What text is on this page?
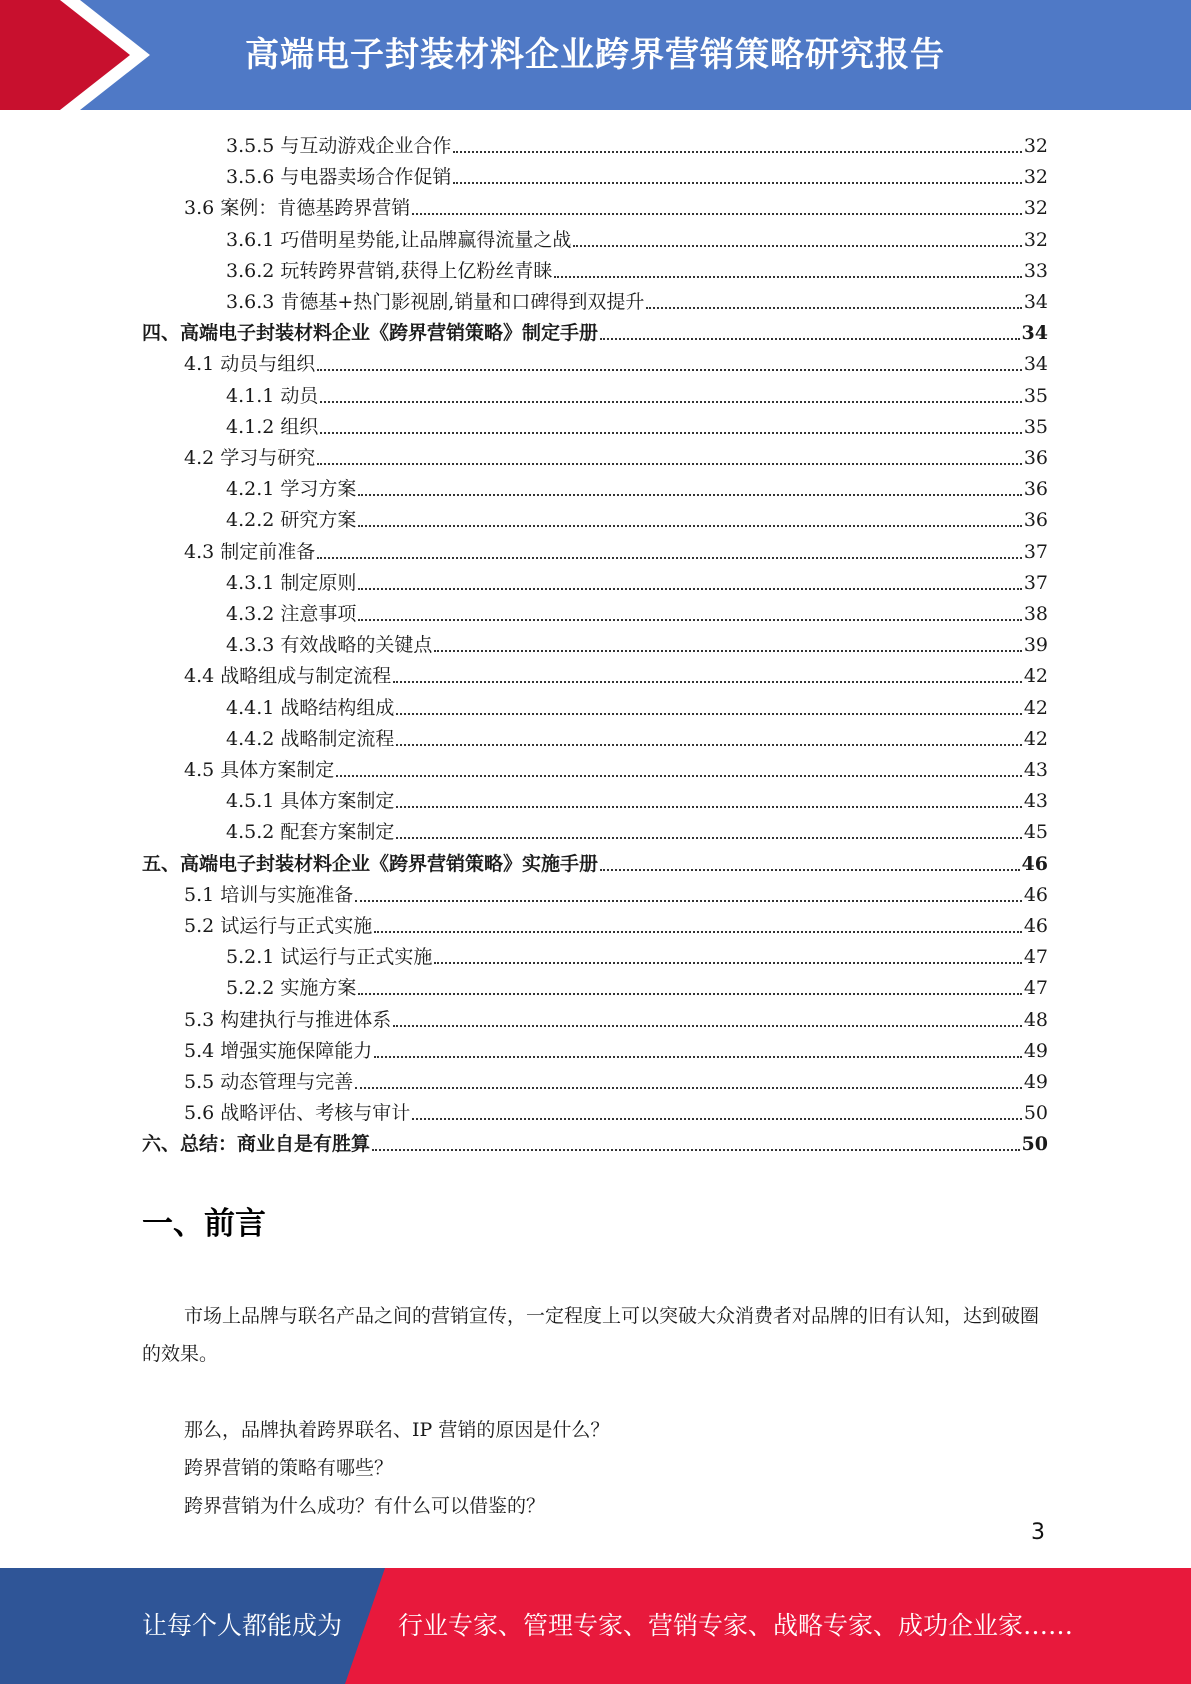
高端电子封装材料企业跨界营销策略研究报告
3.5.5 与互动游戏企业合作	32
3.5.6 与电器卖场合作促销	32
3.6 案例：肯德基跨界营销	32
3.6.1 巧借明星势能,让品牌赢得流量之战	32
3.6.2 玩转跨界营销,获得上亿粉丝青睐	33
3.6.3 肯德基+热门影视剧,销量和口碑得到双提升	34
四、高端电子封装材料企业《跨界营销策略》制定手册	34
4.1 动员与组织	34
4.1.1 动员	35
4.1.2 组织	35
4.2 学习与研究	36
4.2.1 学习方案	36
4.2.2 研究方案	36
4.3 制定前准备	37
4.3.1 制定原则	37
4.3.2 注意事项	38
4.3.3 有效战略的关键点	39
4.4 战略组成与制定流程	42
4.4.1 战略结构组成	42
4.4.2 战略制定流程	42
4.5 具体方案制定	43
4.5.1 具体方案制定	43
4.5.2 配套方案制定	45
五、高端电子封装材料企业《跨界营销策略》实施手册	46
5.1 培训与实施准备	46
5.2 试运行与正式实施	46
5.2.1 试运行与正式实施	47
5.2.2 实施方案	47
5.3 构建执行与推进体系	48
5.4 增强实施保障能力	49
5.5 动态管理与完善	49
5.6 战略评估、考核与审计	50
六、总结：商业自是有胜算	50
一、前言
市场上品牌与联名产品之间的营销宣传，一定程度上可以突破大众消费者对品牌的旧有认知，达到破圈的效果。
那么，品牌执着跨界联名、IP 营销的原因是什么？
跨界营销的策略有哪些？
跨界营销为什么成功？有什么可以借鉴的？
3
让每个人都能成为 行业专家、管理专家、营销专家、战略专家、成功企业家……
